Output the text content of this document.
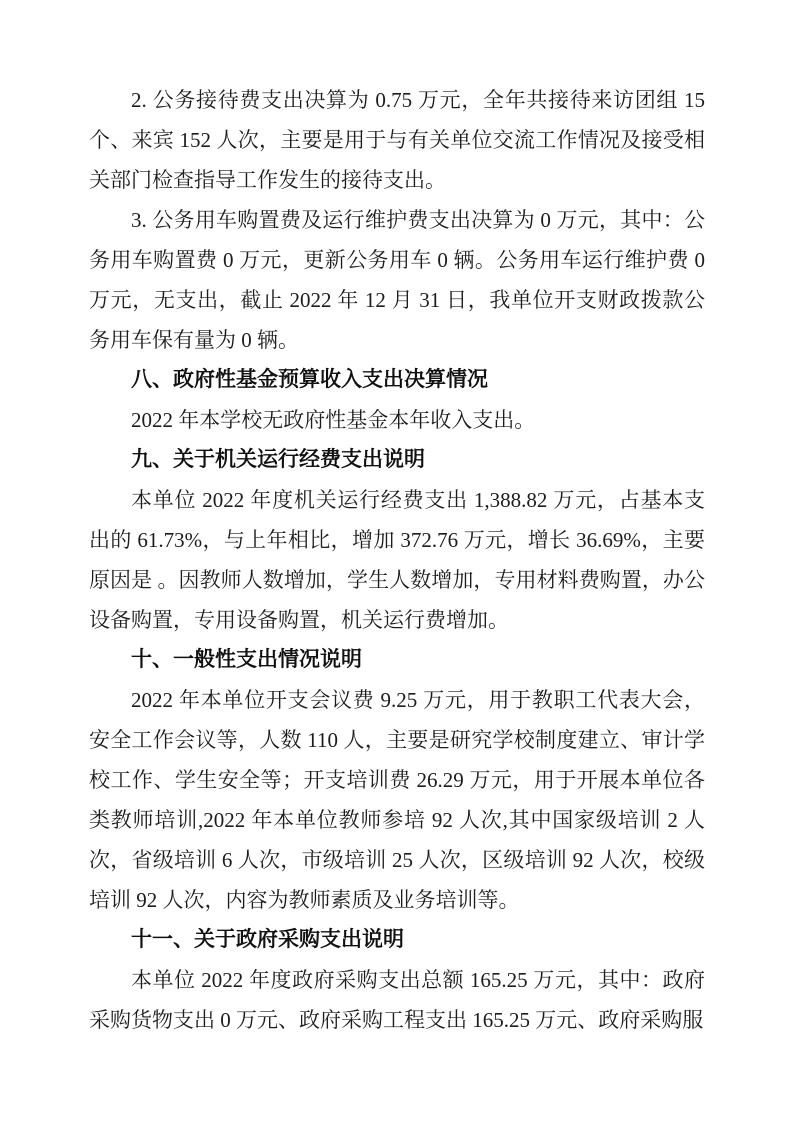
2. 公务接待费支出决算为 0.75 万元，全年共接待来访团组 15 个、来宾 152 人次，主要是用于与有关单位交流工作情况及接受相关部门检查指导工作发生的接待支出。

3. 公务用车购置费及运行维护费支出决算为 0 万元，其中：公务用车购置费 0 万元，更新公务用车 0 辆。公务用车运行维护费 0 万元，无支出，截止 2022 年 12 月 31 日，我单位开支财政拨款公务用车保有量为 0 辆。

八、政府性基金预算收入支出决算情况

2022 年本学校无政府性基金本年收入支出。

九、关于机关运行经费支出说明

本单位 2022 年度机关运行经费支出 1,388.82 万元，占基本支出的 61.73%，与上年相比，增加 372.76 万元，增长 36.69%，主要原因是 。因教师人数增加，学生人数增加，专用材料费购置，办公设备购置，专用设备购置，机关运行费增加。

十、一般性支出情况说明

2022 年本单位开支会议费 9.25 万元，用于教职工代表大会，安全工作会议等，人数 110 人，主要是研究学校制度建立、审计学校工作、学生安全等；开支培训费 26.29 万元，用于开展本单位各类教师培训,2022 年本单位教师参培 92 人次,其中国家级培训 2 人次，省级培训 6 人次，市级培训 25 人次，区级培训 92 人次，校级培训 92 人次，内容为教师素质及业务培训等。

十一、关于政府采购支出说明

本单位 2022 年度政府采购支出总额 165.25 万元，其中：政府采购货物支出 0 万元、政府采购工程支出 165.25 万元、政府采购服
